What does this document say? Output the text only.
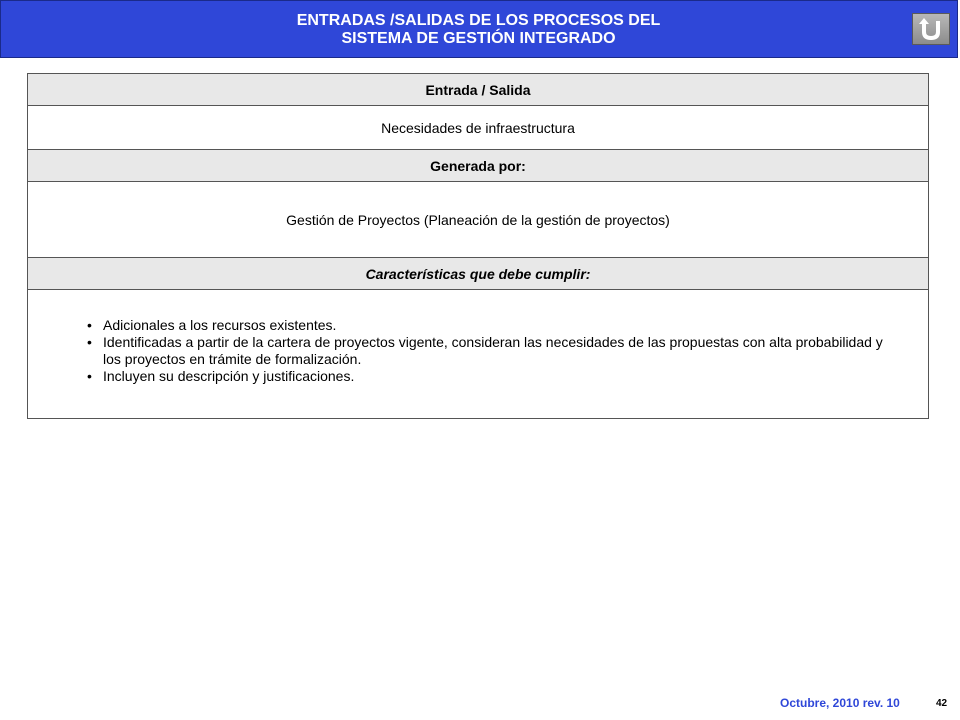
ENTRADAS /SALIDAS DE LOS PROCESOS DEL
SISTEMA DE GESTIÓN INTEGRADO
Entrada / Salida
Necesidades de infraestructura
Generada por:
Gestión de Proyectos (Planeación de la gestión de proyectos)
Características que debe cumplir:

• Adicionales a los recursos existentes.
• Identificadas a partir de la cartera de proyectos vigente, consideran las necesidades de las propuestas con alta probabilidad y los proyectos en trámite de formalización.
• Incluyen su descripción y justificaciones.
Octubre, 2010 rev. 10	42
